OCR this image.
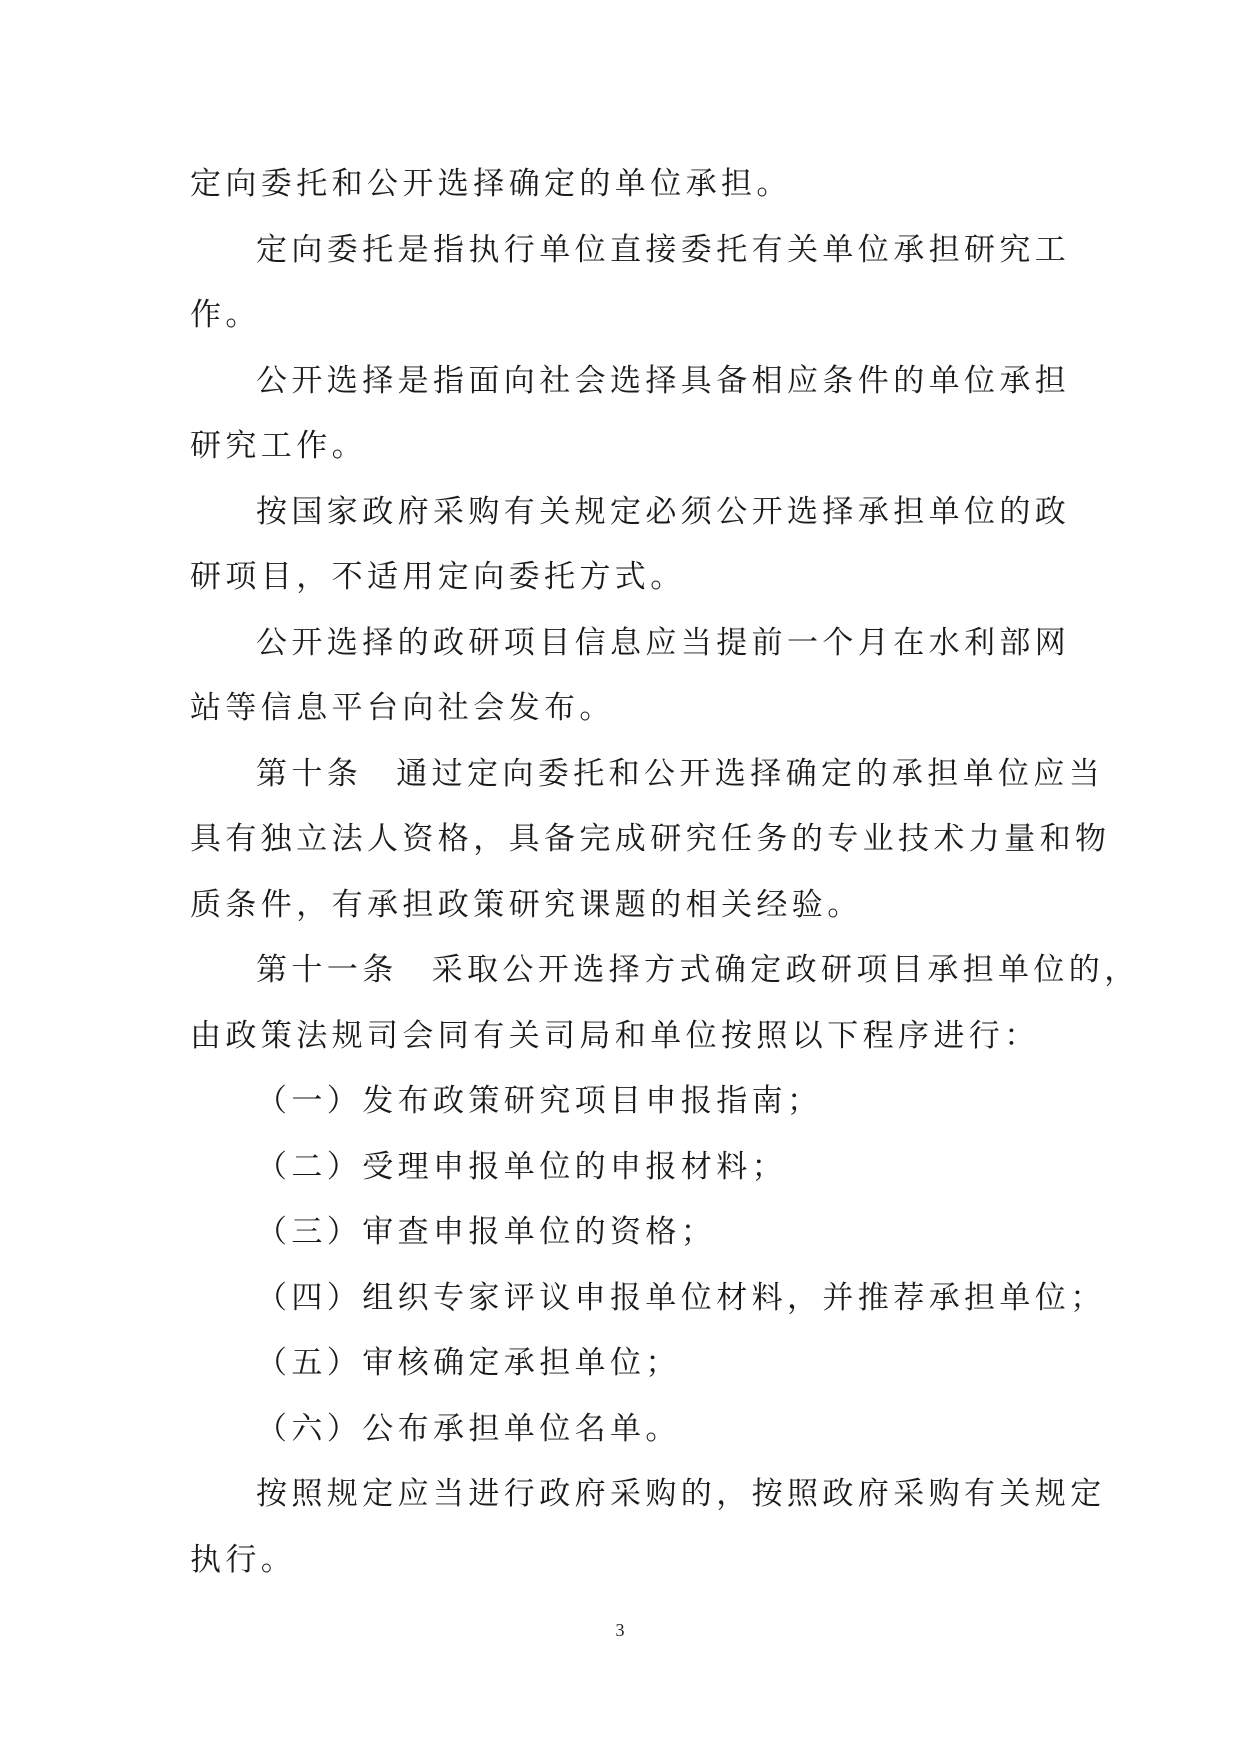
定向委托和公开选择确定的单位承担。
定向委托是指执行单位直接委托有关单位承担研究工
作。
公开选择是指面向社会选择具备相应条件的单位承担
研究工作。
按国家政府采购有关规定必须公开选择承担单位的政
研项目，不适用定向委托方式。
公开选择的政研项目信息应当提前一个月在水利部网
站等信息平台向社会发布。
第十条 通过定向委托和公开选择确定的承担单位应当
具有独立法人资格，具备完成研究任务的专业技术力量和物
质条件，有承担政策研究课题的相关经验。
第十一条 采取公开选择方式确定政研项目承担单位的，
由政策法规司会同有关司局和单位按照以下程序进行：
（一）发布政策研究项目申报指南；
（二）受理申报单位的申报材料；
（三）审查申报单位的资格；
（四）组织专家评议申报单位材料，并推荐承担单位；
（五）审核确定承担单位；
（六）公布承担单位名单。
按照规定应当进行政府采购的，按照政府采购有关规定
执行。
3
